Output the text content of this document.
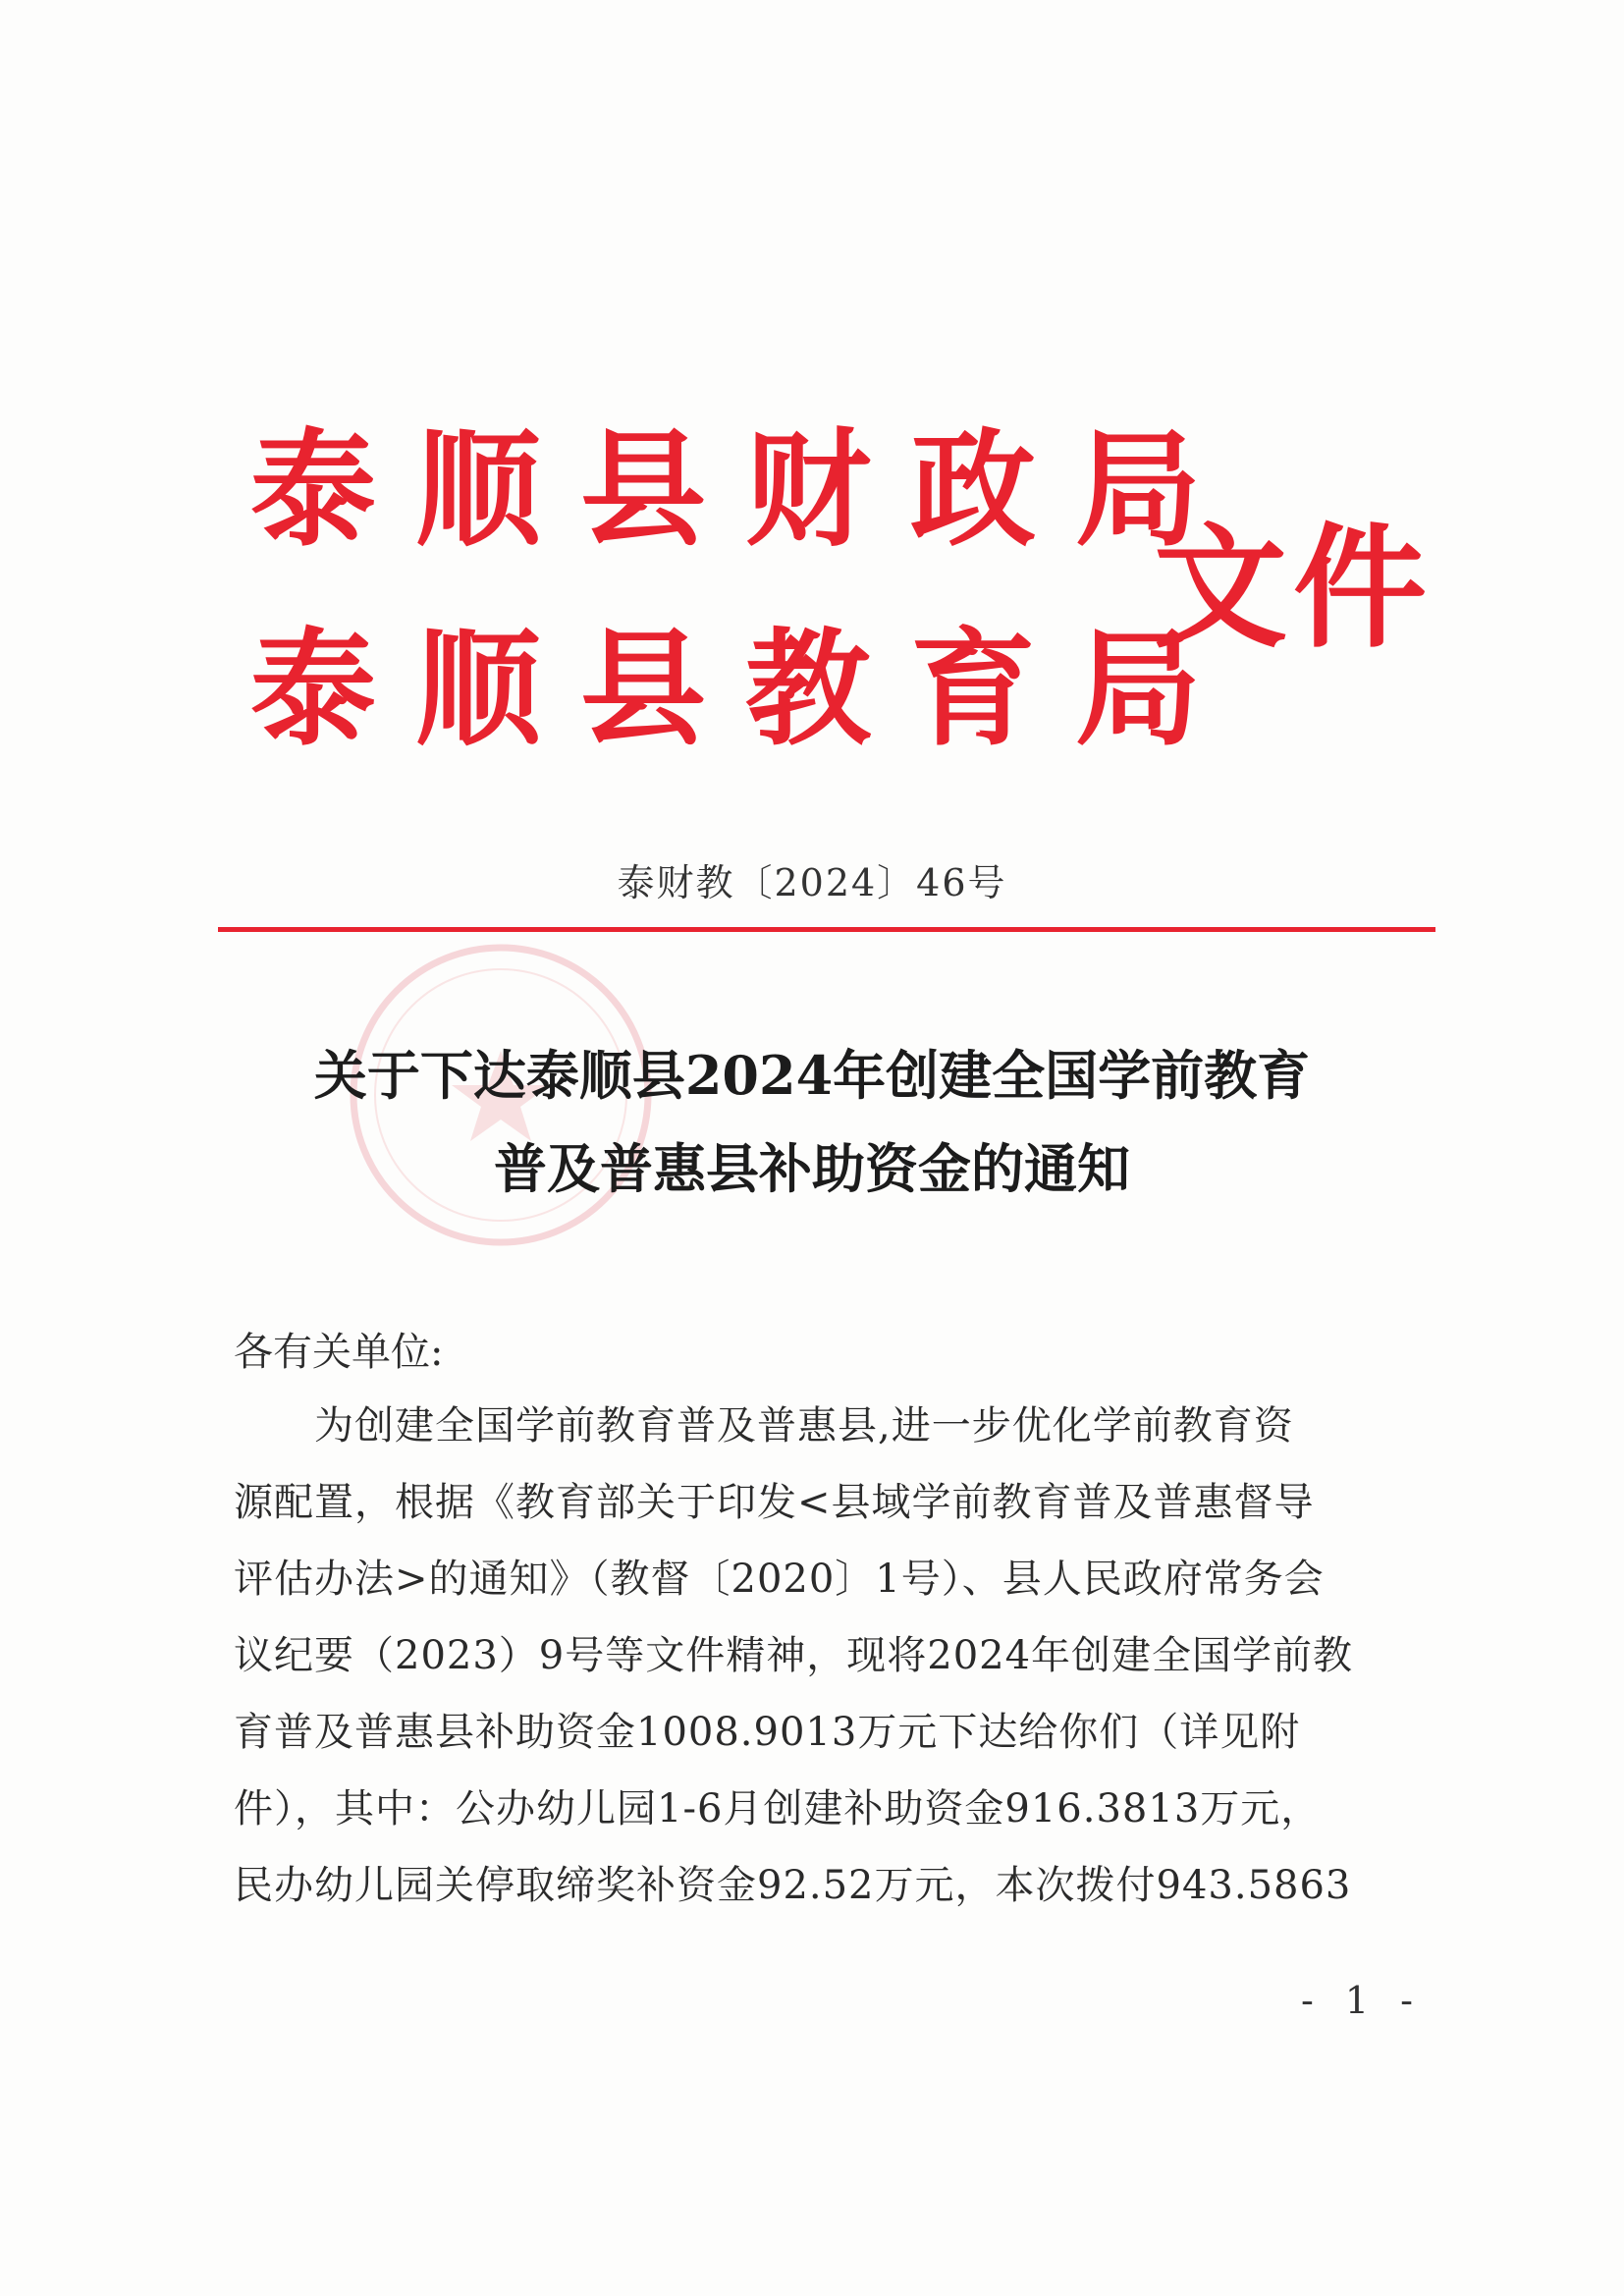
泰顺县财政局
泰顺县教育局
文件
泰财教〔2024〕46号
关于下达泰顺县2024年创建全国学前教育
普及普惠县补助资金的通知
各有关单位:
　　为创建全国学前教育普及普惠县,进一步优化学前教育资
源配置，根据《教育部关于印发<县域学前教育普及普惠督导
评估办法>的通知》（教督〔2020〕1号）、县人民政府常务会
议纪要（2023）9号等文件精神，现将2024年创建全国学前教
育普及普惠县补助资金1008.9013万元下达给你们（详见附
件），其中：公办幼儿园1-6月创建补助资金916.3813万元，
民办幼儿园关停取缔奖补资金92.52万元，本次拨付943.5863
- 1 -
